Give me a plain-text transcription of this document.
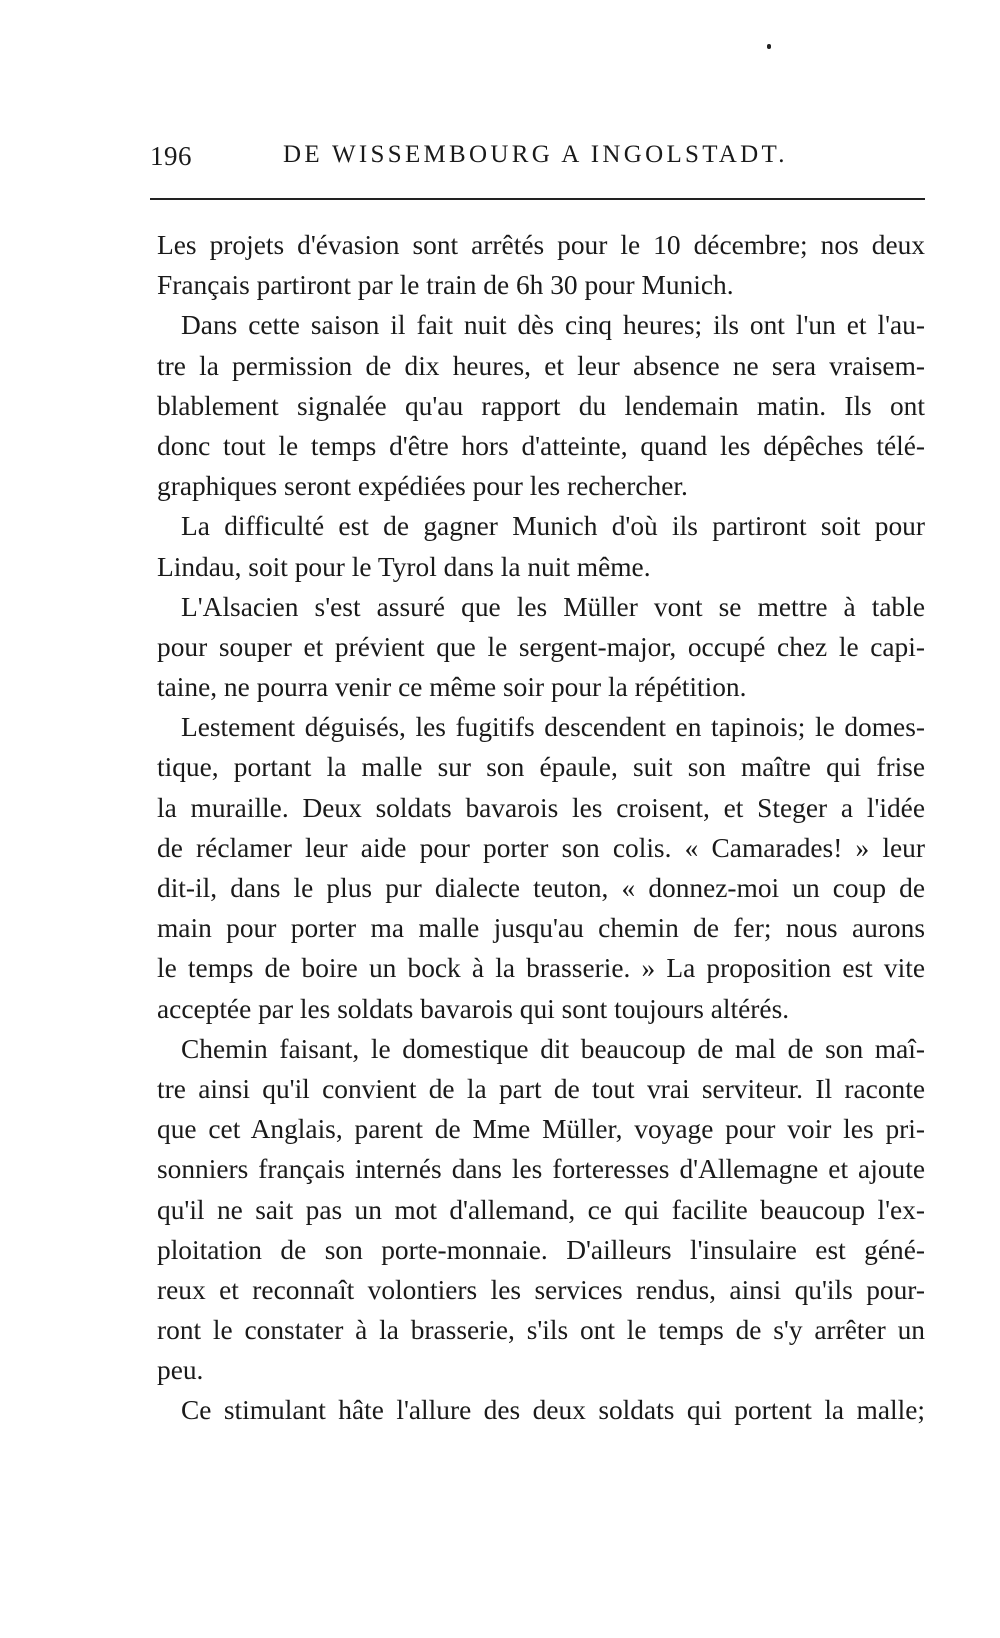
196	DE WISSEMBOURG A INGOLSTADT.
Les projets d'évasion sont arrêtés pour le 10 décembre; nos deux
Français partiront par le train de 6h 30 pour Munich.
Dans cette saison il fait nuit dès cinq heures; ils ont l'un et l'au-
tre la permission de dix heures, et leur absence ne sera vraisem-
blablement signalée qu'au rapport du lendemain matin. Ils ont
donc tout le temps d'être hors d'atteinte, quand les dépêches télé-
graphiques seront expédiées pour les rechercher.
La difficulté est de gagner Munich d'où ils partiront soit pour
Lindau, soit pour le Tyrol dans la nuit même.
L'Alsacien s'est assuré que les Müller vont se mettre à table
pour souper et prévient que le sergent-major, occupé chez le capi-
taine, ne pourra venir ce même soir pour la répétition.
Lestement déguisés, les fugitifs descendent en tapinois; le domes-
tique, portant la malle sur son épaule, suit son maître qui frise
la muraille. Deux soldats bavarois les croisent, et Steger a l'idée
de réclamer leur aide pour porter son colis. « Camarades! » leur
dit-il, dans le plus pur dialecte teuton, « donnez-moi un coup de
main pour porter ma malle jusqu'au chemin de fer; nous aurons
le temps de boire un bock à la brasserie. » La proposition est vite
acceptée par les soldats bavarois qui sont toujours altérés.
Chemin faisant, le domestique dit beaucoup de mal de son maî-
tre ainsi qu'il convient de la part de tout vrai serviteur. Il raconte
que cet Anglais, parent de Mme Müller, voyage pour voir les pri-
sonniers français internés dans les forteresses d'Allemagne et ajoute
qu'il ne sait pas un mot d'allemand, ce qui facilite beaucoup l'ex-
ploitation de son porte-monnaie. D'ailleurs l'insulaire est géné-
reux et reconnaît volontiers les services rendus, ainsi qu'ils pour-
ront le constater à la brasserie, s'ils ont le temps de s'y arrêter un
peu.
Ce stimulant hâte l'allure des deux soldats qui portent la malle;
